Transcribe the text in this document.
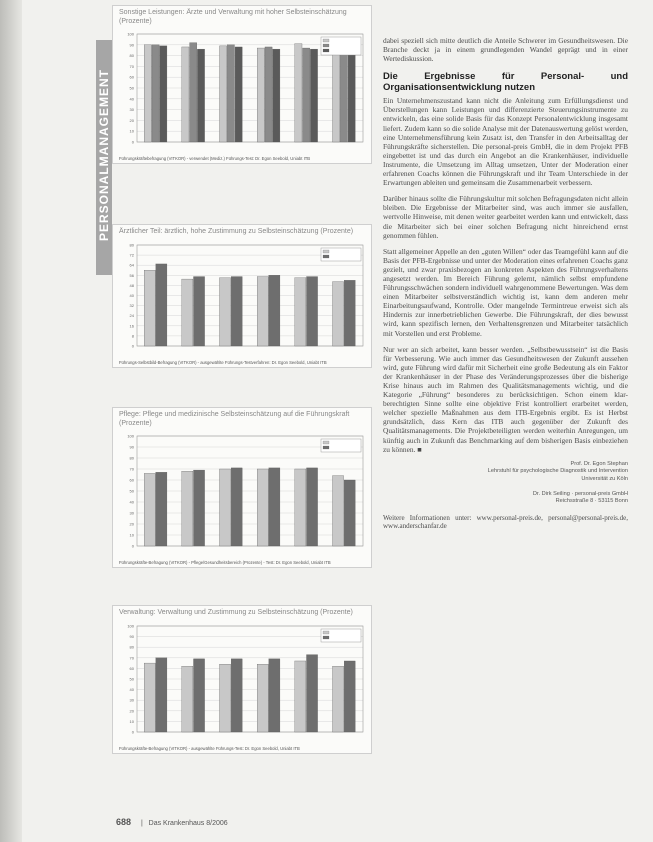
PERSONALMANAGEMENT
Sonstige Leistungen: Ärzte und Verwaltung mit hoher Selbsteinschätzung (Prozente)
0
10
20
30
40
50
60
70
80
90
100
Führungskräftebefragung (VITKOR) - verwendet (Mediz.) Führungs-Test: Dr. Egon Seebold, Uniabt ITB
Ärztlicher Teil: ärztlich, hohe Zustimmung zu Selbsteinschätzung (Prozente)
0
8
16
24
32
40
48
56
64
72
80
Führungs-Selbstbild-Befragung (VITKOR) - ausgewählte Führungs-Testverfahren: Dr. Egon Seebold, Uniabt ITB
Pflege: Pflege und medizinische Selbsteinschätzung auf die Führungskraft (Prozente)
0
10
20
30
40
50
60
70
80
90
100
Führungskräfte-Befragung (VITKOR) - Pflege/Gesundheitsbereich (Prozente) - Test: Dr. Egon Seebold, Uniabt ITB
Verwaltung: Verwaltung und Zustimmung zu Selbsteinschätzung (Prozente)
0
10
20
30
40
50
60
70
80
90
100
Führungskräfte-Befragung (VITKOR) - ausgewählte Führungs-Test: Dr. Egon Seebold, Uniabt ITB

dabei speziell sich mitte deutlich die Anteile Schwerer im Gesundheitswesen. Die Branche deckt ja in einem grundlegenden Wandel geprägt und in einer Wertediskussion.

Die Ergebnisse für Personal- und Organisationsentwicklung nutzen

Ein Unternehmenszustand kann nicht die Anleitung zum Erfüllungsdienst und Überstellungen kann Leistungen und differenzierte Steuerungsinstrumente zu entwickeln, das eine solide Basis für das Konzept Personalentwicklung insgesamt liefert. Zudem kann so die solide Analyse mit der Datenauswertung gelöst werden, eine Unternehmensführung kein Zusatz ist, den Transfer in den Arbeitsalltag der Führungskräfte sicherstellen. Die personal-preis GmbH, die in dem Projekt PFB eingebettet ist und das durch ein Angebot an die Krankenhäuser, individuelle Instrumente, die Umsetzung im Alltag umsetzen, Unter der Moderation einer erfahrenen Coachs können die Führungskraft und ihr Team Unterschiede in der Erwartungen ableiten und gemeinsam die Zusammenarbeit verbessern.

Darüber hinaus sollte die Führungskultur mit solchen Befragungsdaten nicht allein bleiben. Die Ergebnisse der Mitarbeiter sind, was auch immer sie ausfallen, wertvolle Hinweise, mit denen weiter gearbeitet werden kann und entwickelt, dass die Mitarbeiter sich bei einer solchen Befragung nicht hinreichend ernst genommen fühlen.

Statt allgemeiner Appelle an den „guten Willen“ oder das Teamgefühl kann auf die Basis der PFB-Ergebnisse und unter der Moderation eines erfahrenen Coachs ganz gezielt, und zwar praxisbezogen an konkreten Aspekten des Führungsverhaltens angesetzt werden. Im Bereich Führung gelernt, nämlich selbst empfundene Führungsschwächen sondern individuell wahrgenommene Bewertungen. Was dem einen Mitarbeiter selbstverständlich wichtig ist, kann dem anderen mehr Einarbeitungsaufwand, Kontrolle. Oder mangelnde Termintreue erweist sich als Hindernis zur innerbetrieblichen Gewerbe. Die Führungskraft, der dies bewusst wird, kann spezifisch lernen, den Verhaltensgrenzen und Mitarbeiter tatsächlich mit Vorstellen und erst Probleme.

Nur wer an sich arbeitet, kann besser werden. „Selbstbewusstsein“ ist die Basis für Verbesserung. Wie auch immer das Gesundheitswesen der Zukunft aussehen wird, gute Führung wird dafür mit Sicherheit eine große Bedeutung als ein Faktor der Krankenhäuser in der Phase des Veränderungsprozesses über die bisherige Krise hinaus auch im Rahmen des Qualitätsmanagements wichtig, und die Kategorie „Führung“ besonderes zu berücksichtigen. Schon einem klar-berechtigten Sinne sollte eine objektive Frist kontrolliert erarbeitet werden, welcher spezielle Maßnahmen aus dem ITB-Ergebnis ergibt. Es ist Herbst grundsätzlich, dass Kern das ITB auch gegenüber der Zukunft des Qualitätsmanagements. Die Projektbeteiligten werden weiterhin Anregungen, um künftig auch in Zukunft das Benchmarking auf dem bisherigen Basis einbeziehen zu können. ■

Prof. Dr. Egon Stephan
Lehrstuhl für psychologische Diagnostik und Intervention
Universität zu Köln
Dr. Dirk Seiling · personal-preis GmbH
Reichsstraße 8 · 53115 Bonn

Weitere Informationen unter: www.personal-preis.de, personal@personal-preis.de, www.anderschanfar.de

688 |   Das Krankenhaus 8/2006
